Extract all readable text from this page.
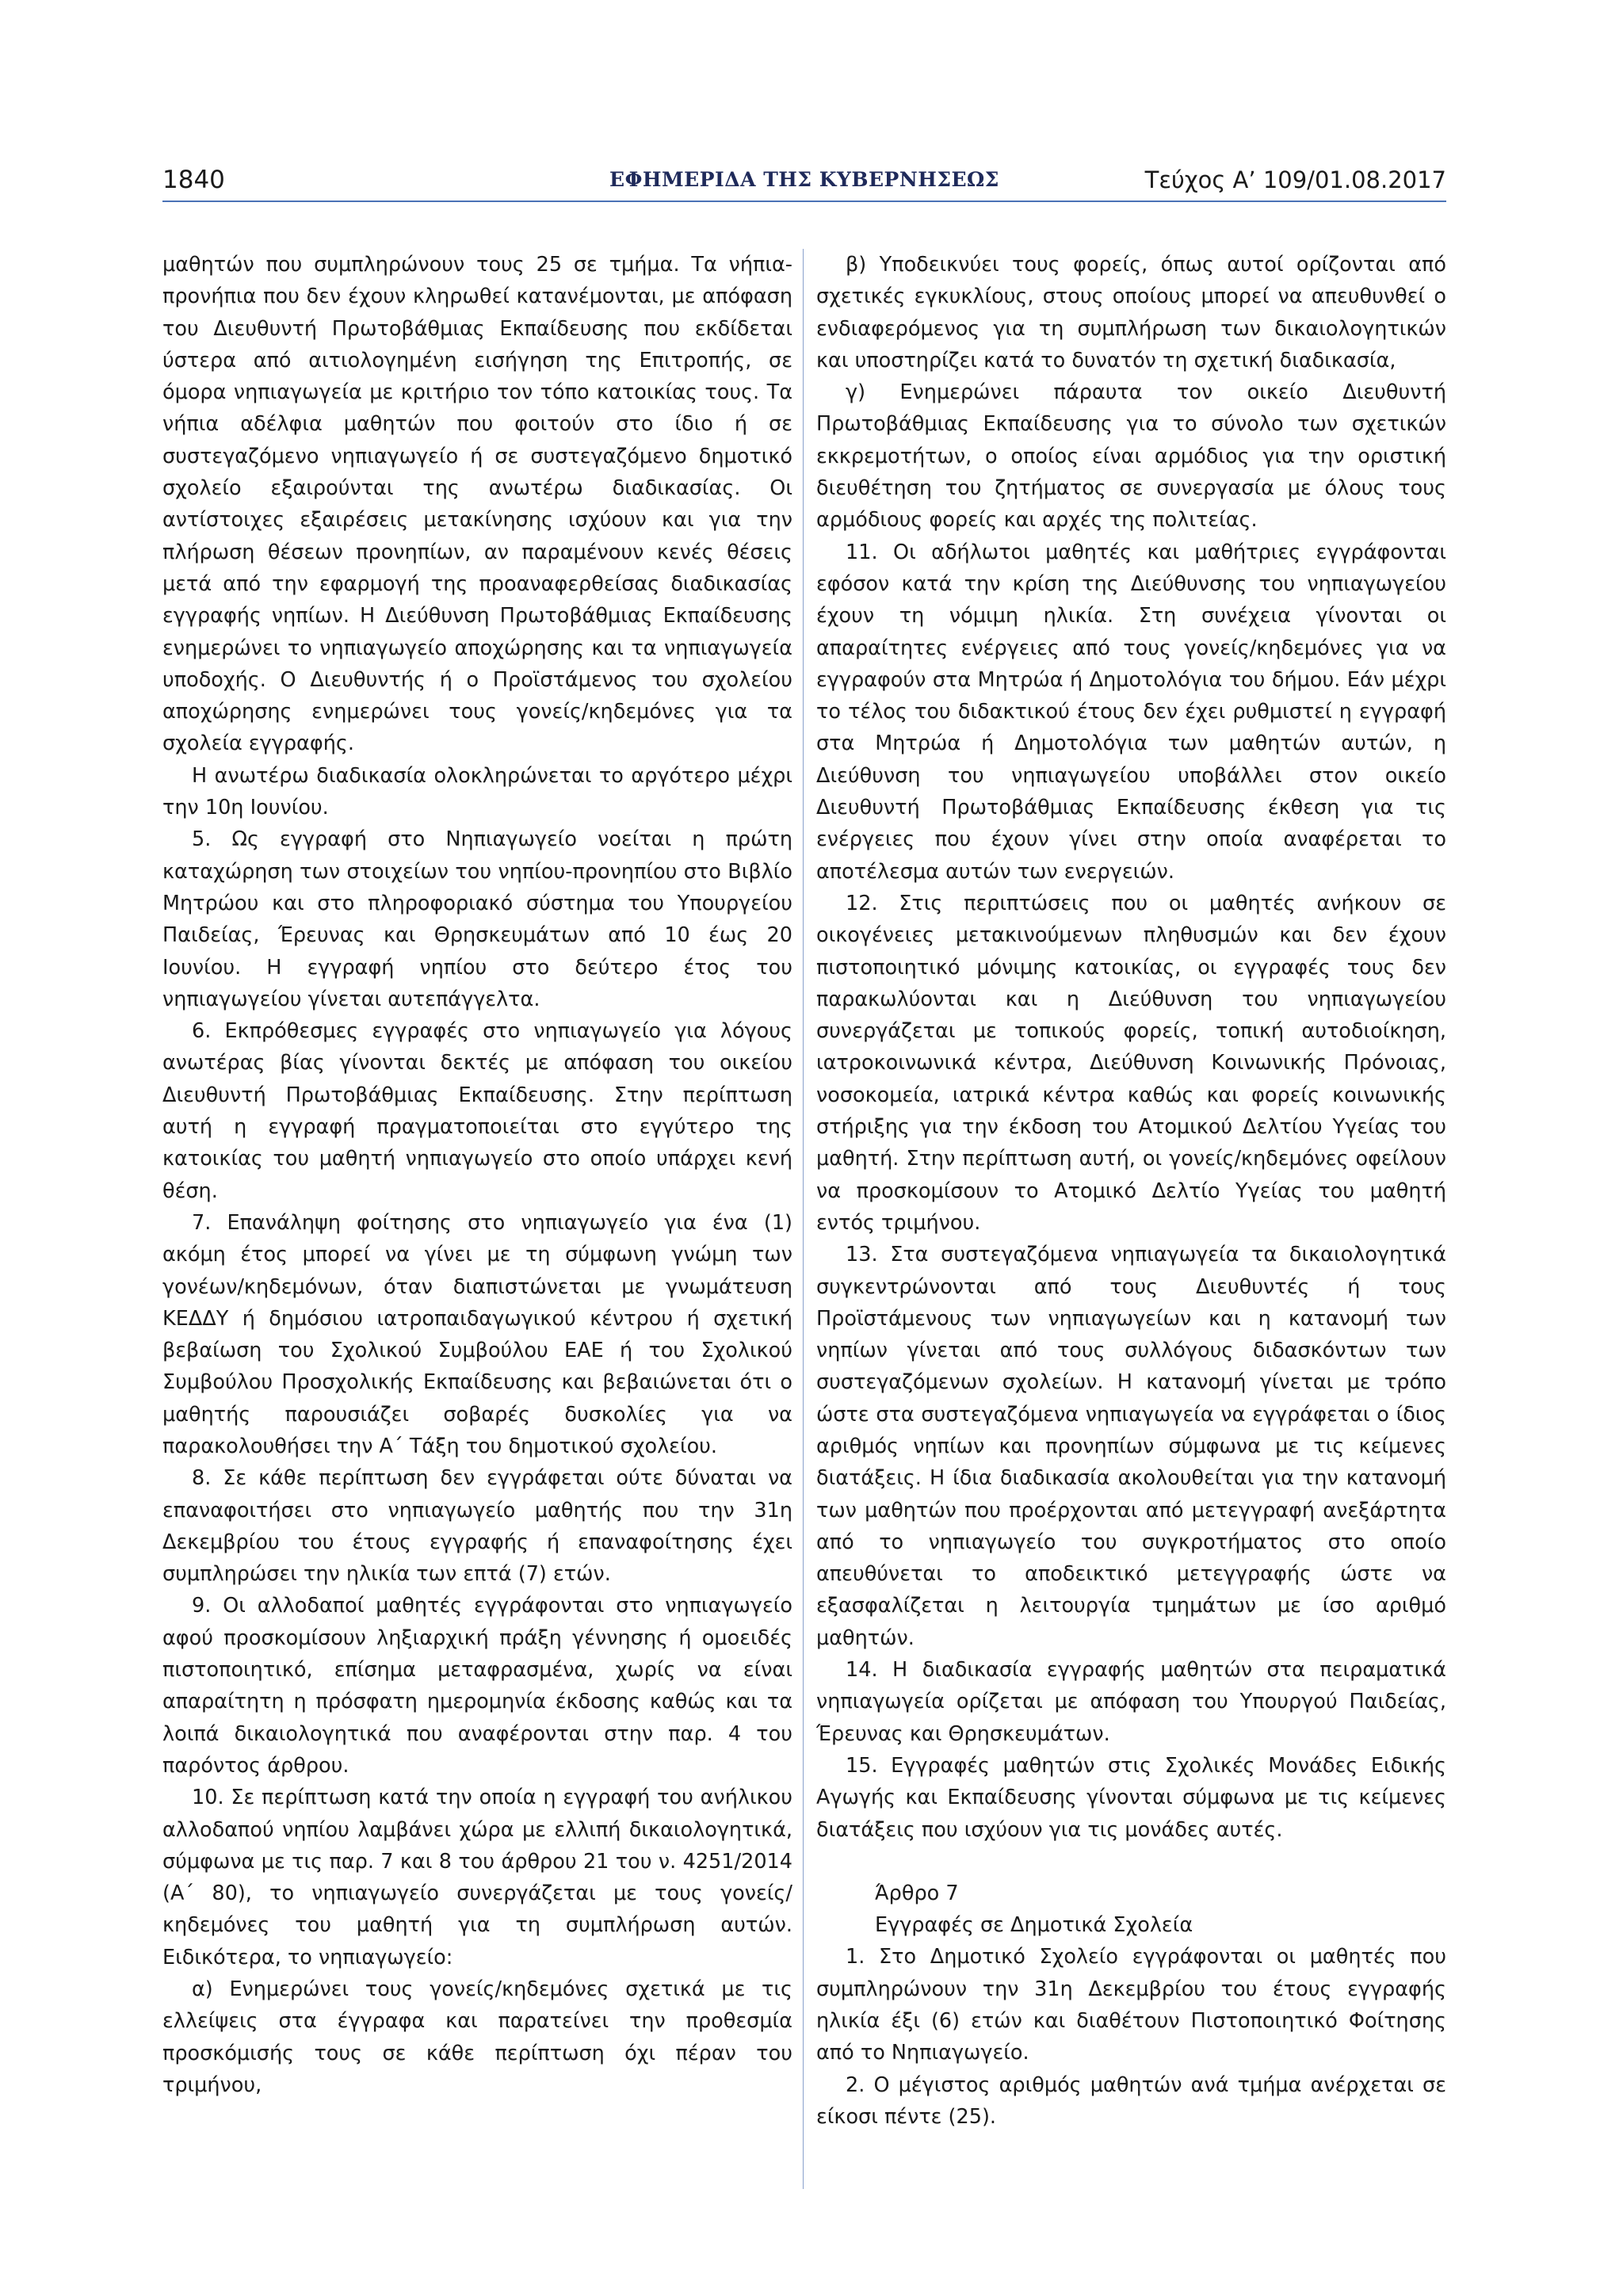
1840	ΕΦΗΜΕΡΙΔΑ ΤΗΣ ΚΥΒΕΡΝΗΣΕΩΣ	Τεύχος Α’ 109/01.08.2017

μαθητών που συμπληρώνουν τους 25 σε τμήμα. Τα νήπια-προνήπια που δεν έχουν κληρωθεί κατανέμονται, με απόφαση του Διευθυντή Πρωτοβάθμιας Εκπαίδευσης που εκδίδεται ύστερα από αιτιολογημένη εισήγηση της Επιτροπής, σε όμορα νηπιαγωγεία με κριτήριο τον τόπο κατοικίας τους. Τα νήπια αδέλφια μαθητών που φοιτούν στο ίδιο ή σε συστεγαζόμενο νηπιαγωγείο ή σε συστεγαζόμενο δημοτικό σχολείο εξαιρούνται της ανωτέρω διαδικασίας. Οι αντίστοιχες εξαιρέσεις μετακίνησης ισχύουν και για την πλήρωση θέσεων προνηπίων, αν παραμένουν κενές θέσεις μετά από την εφαρμογή της προαναφερθείσας διαδικασίας εγγραφής νηπίων. Η Διεύθυνση Πρωτοβάθμιας Εκπαίδευσης ενημερώνει το νηπιαγωγείο αποχώρησης και τα νηπιαγωγεία υποδοχής. Ο Διευθυντής ή ο Προϊστάμενος του σχολείου αποχώρησης ενημερώνει τους γονείς/κηδεμόνες για τα σχολεία εγγραφής.

Η ανωτέρω διαδικασία ολοκληρώνεται το αργότερο μέχρι την 10η Ιουνίου.

5. Ως εγγραφή στο Νηπιαγωγείο νοείται η πρώτη καταχώρηση των στοιχείων του νηπίου-προνηπίου στο Βιβλίο Μητρώου και στο πληροφοριακό σύστημα του Υπουργείου Παιδείας, Έρευνας και Θρησκευμάτων από 10 έως 20 Ιουνίου. Η εγγραφή νηπίου στο δεύτερο έτος του νηπιαγωγείου γίνεται αυτεπάγγελτα.

6. Εκπρόθεσμες εγγραφές στο νηπιαγωγείο για λόγους ανωτέρας βίας γίνονται δεκτές με απόφαση του οικείου Διευθυντή Πρωτοβάθμιας Εκπαίδευσης. Στην περίπτωση αυτή η εγγραφή πραγματοποιείται στο εγγύτερο της κατοικίας του μαθητή νηπιαγωγείο στο οποίο υπάρχει κενή θέση.

7. Επανάληψη φοίτησης στο νηπιαγωγείο για ένα (1) ακόμη έτος μπορεί να γίνει με τη σύμφωνη γνώμη των γονέων/κηδεμόνων, όταν διαπιστώνεται με γνωμάτευση ΚΕΔΔΥ ή δημόσιου ιατροπαιδαγωγικού κέντρου ή σχετική βεβαίωση του Σχολικού Συμβούλου ΕΑΕ ή του Σχολικού Συμβούλου Προσχολικής Εκπαίδευσης και βεβαιώνεται ότι ο μαθητής παρουσιάζει σοβαρές δυσκολίες για να παρακολουθήσει την Α΄ Τάξη του δημοτικού σχολείου.

8. Σε κάθε περίπτωση δεν εγγράφεται ούτε δύναται να επαναφοιτήσει στο νηπιαγωγείο μαθητής που την 31η Δεκεμβρίου του έτους εγγραφής ή επαναφοίτησης έχει συμπληρώσει την ηλικία των επτά (7) ετών.

9. Οι αλλοδαποί μαθητές εγγράφονται στο νηπιαγωγείο αφού προσκομίσουν ληξιαρχική πράξη γέννησης ή ομοειδές πιστοποιητικό, επίσημα μεταφρασμένα, χωρίς να είναι απαραίτητη η πρόσφατη ημερομηνία έκδοσης καθώς και τα λοιπά δικαιολογητικά που αναφέρονται στην παρ. 4 του παρόντος άρθρου.

10. Σε περίπτωση κατά την οποία η εγγραφή του ανήλικου αλλοδαπού νηπίου λαμβάνει χώρα με ελλιπή δικαιολογητικά, σύμφωνα με τις παρ. 7 και 8 του άρθρου 21 του ν. 4251/2014 (Α΄ 80), το νηπιαγωγείο συνεργάζεται με τους γονείς/κηδεμόνες του μαθητή για τη συμπλήρωση αυτών. Ειδικότερα, το νηπιαγωγείο:

α) Ενημερώνει τους γονείς/κηδεμόνες σχετικά με τις ελλείψεις στα έγγραφα και παρατείνει την προθεσμία προσκόμισής τους σε κάθε περίπτωση όχι πέραν του τριμήνου,

β) Υποδεικνύει τους φορείς, όπως αυτοί ορίζονται από σχετικές εγκυκλίους, στους οποίους μπορεί να απευθυνθεί ο ενδιαφερόμενος για τη συμπλήρωση των δικαιολογητικών και υποστηρίζει κατά το δυνατόν τη σχετική διαδικασία,

γ) Ενημερώνει πάραυτα τον οικείο Διευθυντή Πρωτοβάθμιας Εκπαίδευσης για το σύνολο των σχετικών εκκρεμοτήτων, ο οποίος είναι αρμόδιος για την οριστική διευθέτηση του ζητήματος σε συνεργασία με όλους τους αρμόδιους φορείς και αρχές της πολιτείας.

11. Οι αδήλωτοι μαθητές και μαθήτριες εγγράφονται εφόσον κατά την κρίση της Διεύθυνσης του νηπιαγωγείου έχουν τη νόμιμη ηλικία. Στη συνέχεια γίνονται οι απαραίτητες ενέργειες από τους γονείς/κηδεμόνες για να εγγραφούν στα Μητρώα ή Δημοτολόγια του δήμου. Εάν μέχρι το τέλος του διδακτικού έτους δεν έχει ρυθμιστεί η εγγραφή στα Μητρώα ή Δημοτολόγια των μαθητών αυτών, η Διεύθυνση του νηπιαγωγείου υποβάλλει στον οικείο Διευθυντή Πρωτοβάθμιας Εκπαίδευσης έκθεση για τις ενέργειες που έχουν γίνει στην οποία αναφέρεται το αποτέλεσμα αυτών των ενεργειών.

12. Στις περιπτώσεις που οι μαθητές ανήκουν σε οικογένειες μετακινούμενων πληθυσμών και δεν έχουν πιστοποιητικό μόνιμης κατοικίας, οι εγγραφές τους δεν παρακωλύονται και η Διεύθυνση του νηπιαγωγείου συνεργάζεται με τοπικούς φορείς, τοπική αυτοδιοίκηση, ιατροκοινωνικά κέντρα, Διεύθυνση Κοινωνικής Πρόνοιας, νοσοκομεία, ιατρικά κέντρα καθώς και φορείς κοινωνικής στήριξης για την έκδοση του Ατομικού Δελτίου Υγείας του μαθητή. Στην περίπτωση αυτή, οι γονείς/κηδεμόνες οφείλουν να προσκομίσουν το Ατομικό Δελτίο Υγείας του μαθητή εντός τριμήνου.

13. Στα συστεγαζόμενα νηπιαγωγεία τα δικαιολογητικά συγκεντρώνονται από τους Διευθυντές ή τους Προϊστάμενους των νηπιαγωγείων και η κατανομή των νηπίων γίνεται από τους συλλόγους διδασκόντων των συστεγαζόμενων σχολείων. Η κατανομή γίνεται με τρόπο ώστε στα συστεγαζόμενα νηπιαγωγεία να εγγράφεται ο ίδιος αριθμός νηπίων και προνηπίων σύμφωνα με τις κείμενες διατάξεις. Η ίδια διαδικασία ακολουθείται για την κατανομή των μαθητών που προέρχονται από μετεγγραφή ανεξάρτητα από το νηπιαγωγείο του συγκροτήματος στο οποίο απευθύνεται το αποδεικτικό μετεγγραφής ώστε να εξασφαλίζεται η λειτουργία τμημάτων με ίσο αριθμό μαθητών.

14. Η διαδικασία εγγραφής μαθητών στα πειραματικά νηπιαγωγεία ορίζεται με απόφαση του Υπουργού Παιδείας, Έρευνας και Θρησκευμάτων.

15. Εγγραφές μαθητών στις Σχολικές Μονάδες Ειδικής Αγωγής και Εκπαίδευσης γίνονται σύμφωνα με τις κείμενες διατάξεις που ισχύουν για τις μονάδες αυτές.

Άρθρο 7

Εγγραφές σε Δημοτικά Σχολεία

1. Στο Δημοτικό Σχολείο εγγράφονται οι μαθητές που συμπληρώνουν την 31η Δεκεμβρίου του έτους εγγραφής ηλικία έξι (6) ετών και διαθέτουν Πιστοποιητικό Φοίτησης από το Νηπιαγωγείο.

2. Ο μέγιστος αριθμός μαθητών ανά τμήμα ανέρχεται σε είκοσι πέντε (25).
